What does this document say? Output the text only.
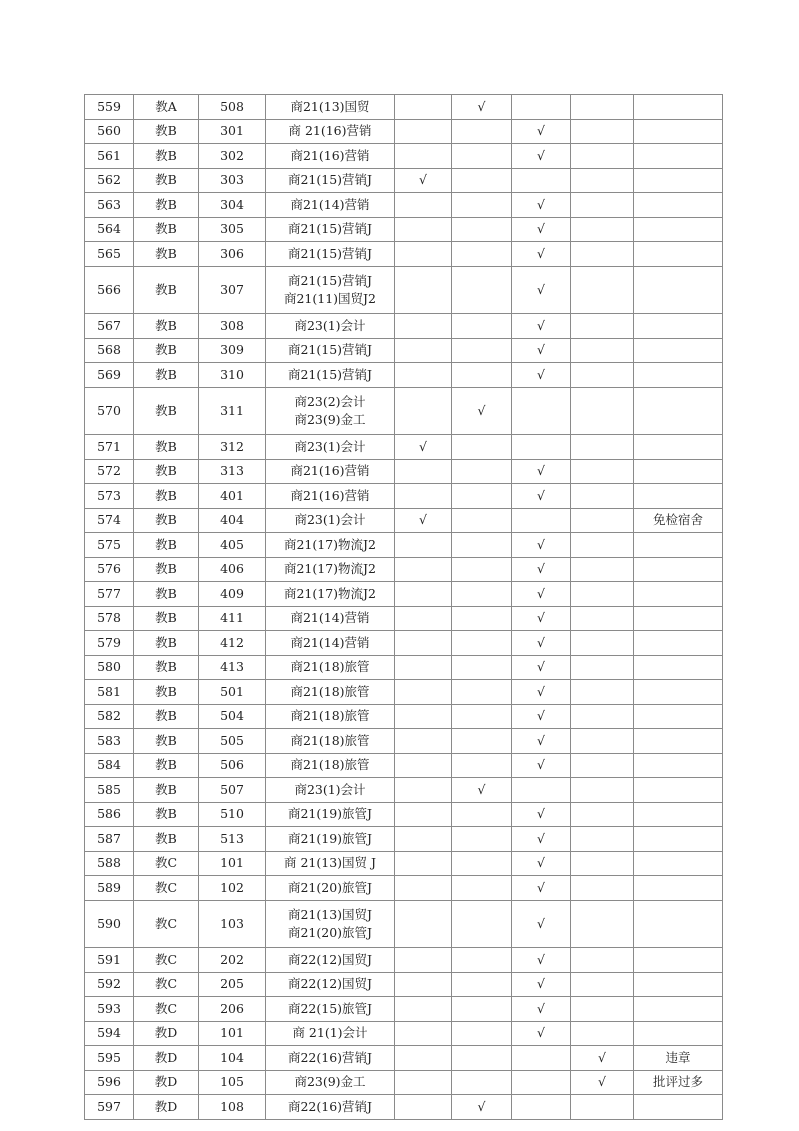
559	教A	508	商21(13)国贸		√			
560	教B	301	商 21(16)营销			√		
561	教B	302	商21(16)营销			√		
562	教B	303	商21(15)营销J	√				
563	教B	304	商21(14)营销			√		
564	教B	305	商21(15)营销J			√		
565	教B	306	商21(15)营销J			√		
566	教B	307	商21(15)营销J
商21(11)国贸J2			√		
567	教B	308	商23(1)会计			√		
568	教B	309	商21(15)营销J			√		
569	教B	310	商21(15)营销J			√		
570	教B	311	商23(2)会计
商23(9)金工		√			
571	教B	312	商23(1)会计	√				
572	教B	313	商21(16)营销			√		
573	教B	401	商21(16)营销			√		
574	教B	404	商23(1)会计	√				免检宿舍
575	教B	405	商21(17)物流J2			√		
576	教B	406	商21(17)物流J2			√		
577	教B	409	商21(17)物流J2			√		
578	教B	411	商21(14)营销			√		
579	教B	412	商21(14)营销			√		
580	教B	413	商21(18)旅管			√		
581	教B	501	商21(18)旅管			√		
582	教B	504	商21(18)旅管			√		
583	教B	505	商21(18)旅管			√		
584	教B	506	商21(18)旅管			√		
585	教B	507	商23(1)会计		√			
586	教B	510	商21(19)旅管J			√		
587	教B	513	商21(19)旅管J			√		
588	教C	101	商 21(13)国贸 J			√		
589	教C	102	商21(20)旅管J			√		
590	教C	103	商21(13)国贸J
商21(20)旅管J			√		
591	教C	202	商22(12)国贸J			√		
592	教C	205	商22(12)国贸J			√		
593	教C	206	商22(15)旅管J			√		
594	教D	101	商 21(1)会计			√		
595	教D	104	商22(16)营销J				√	违章
596	教D	105	商23(9)金工				√	批评过多
597	教D	108	商22(16)营销J		√			
